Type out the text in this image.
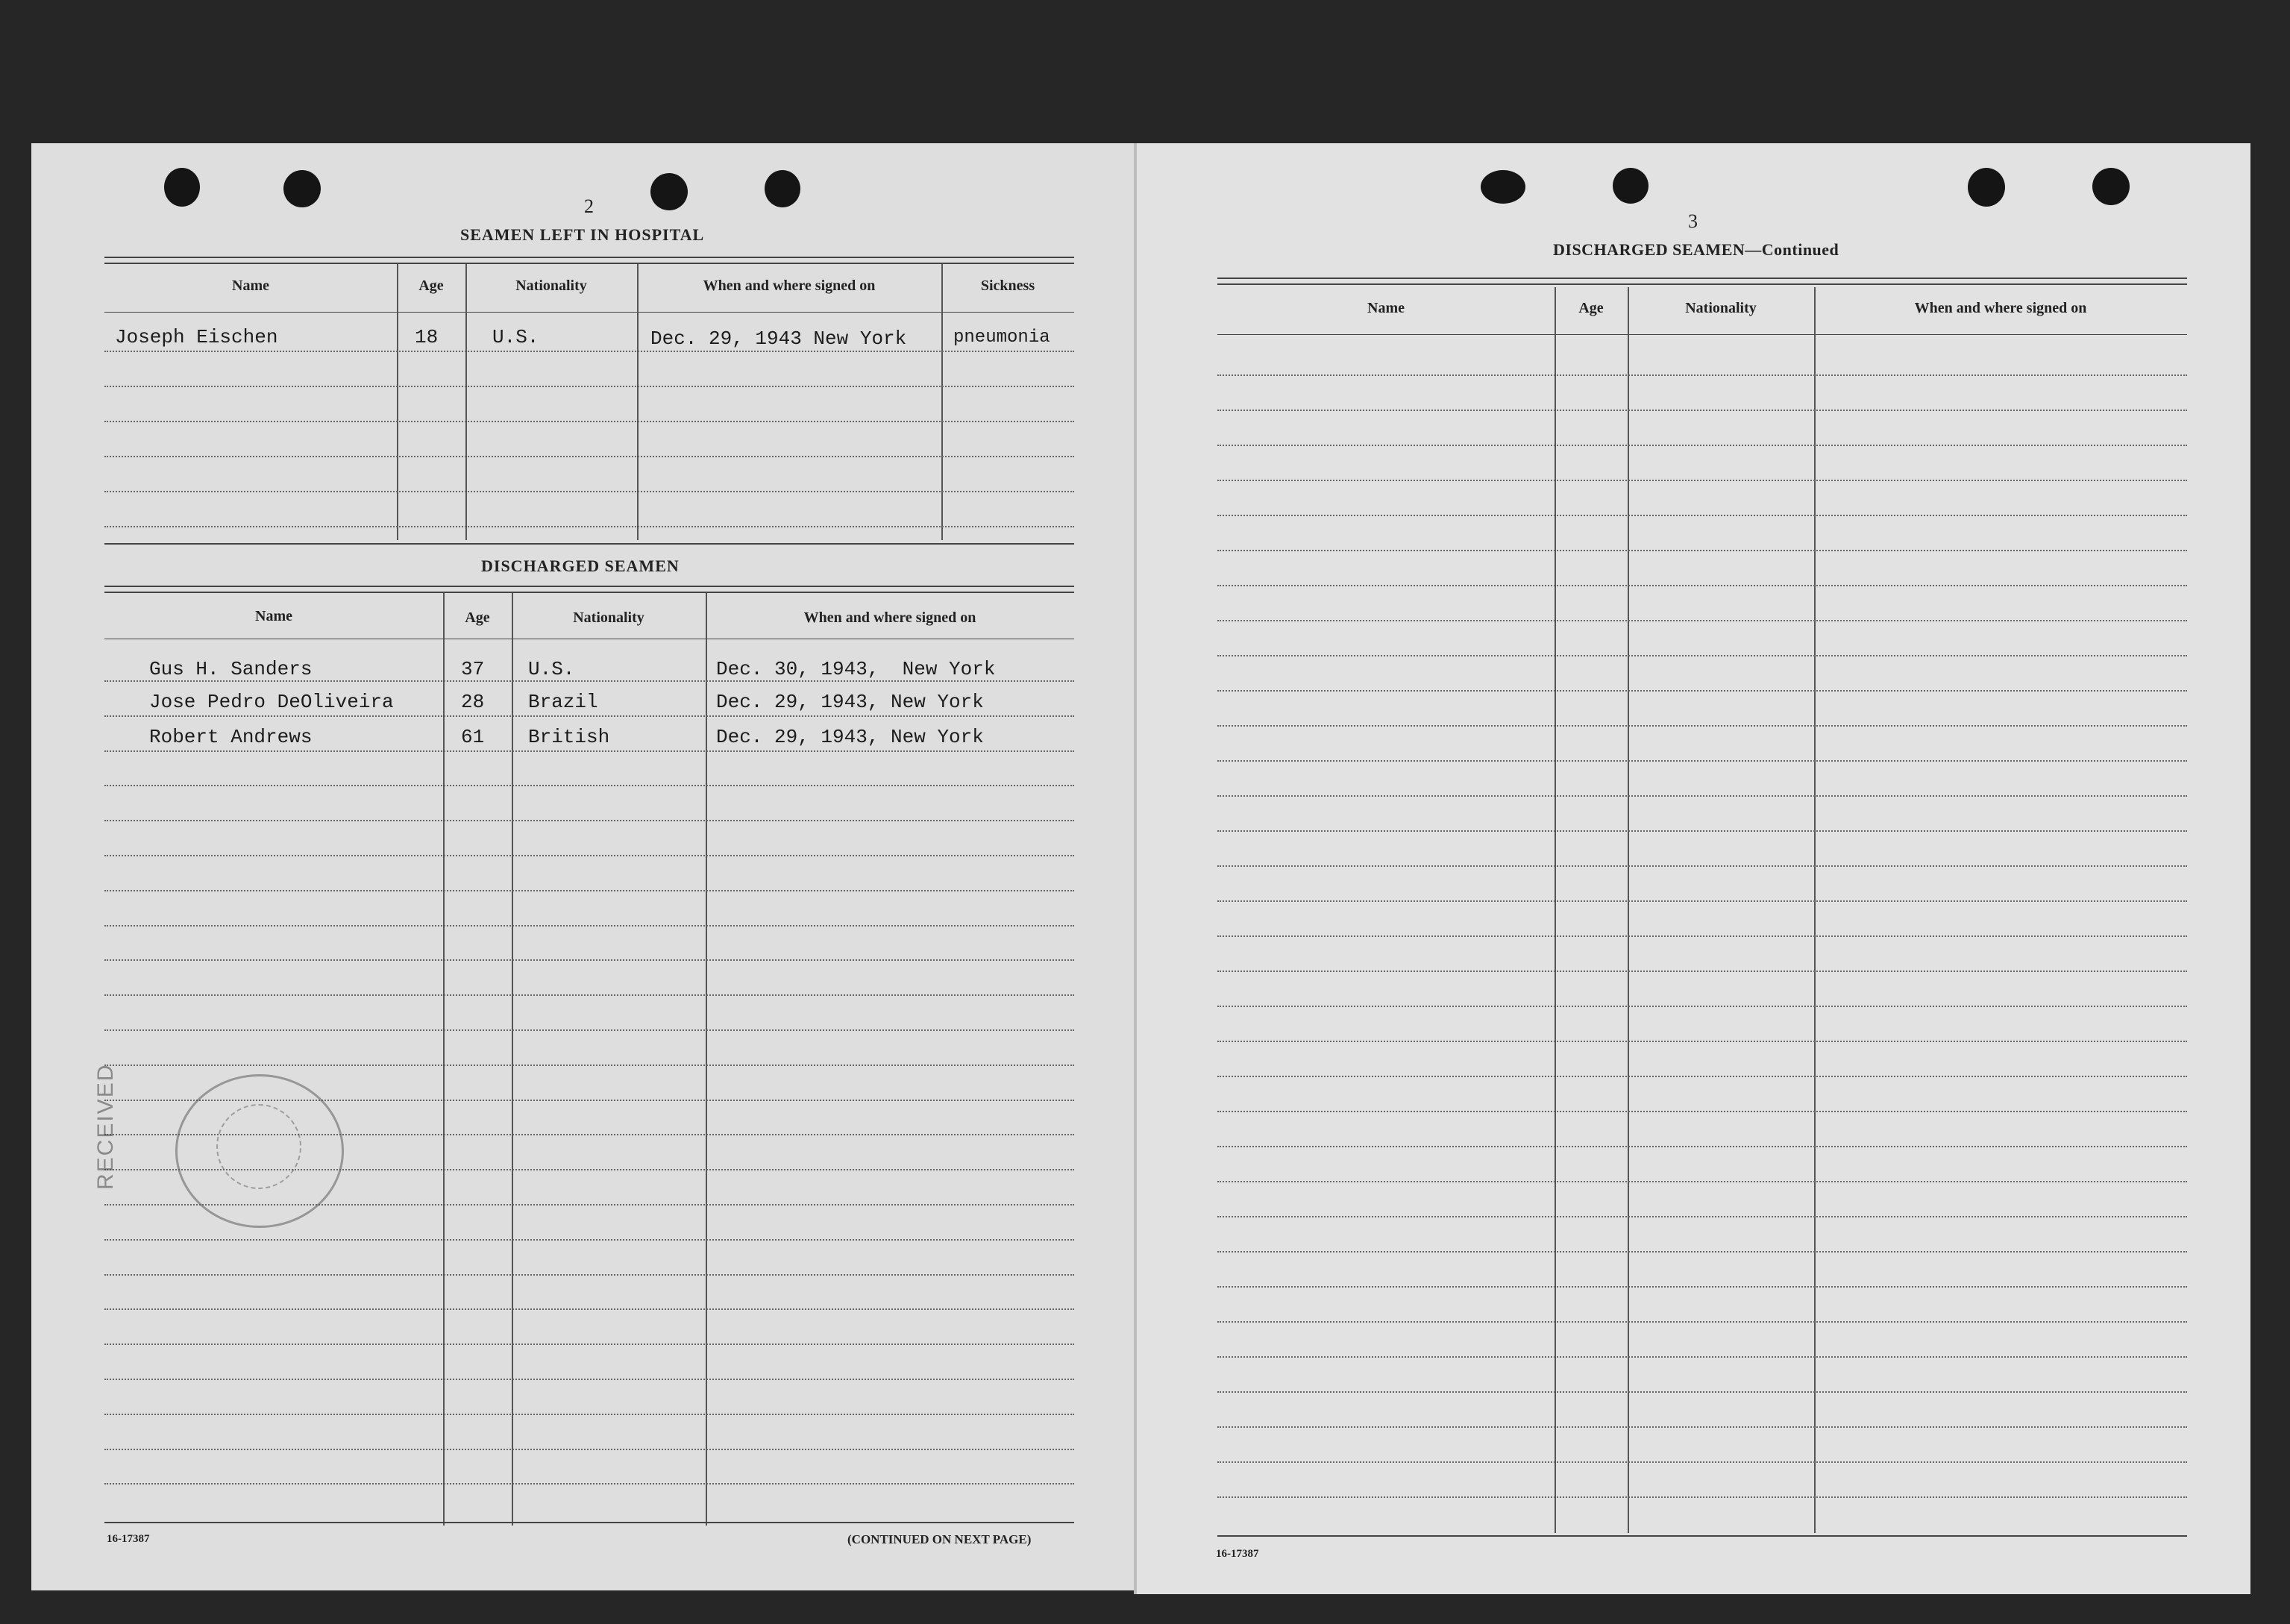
2
SEAMEN LEFT IN HOSPITAL
Name	Age	Nationality	When and where signed on	Sickness
Joseph Eischen	18	U.S.	Dec. 29, 1943 New York	pneumonia
DISCHARGED SEAMEN
Name	Age	Nationality	When and where signed on
Gus H. Sanders	37 U.S.	Dec. 30, 1943,  New York
Jose Pedro DeOliveira	28 Brazil	Dec. 29, 1943, New York
Robert Andrews	61 British	Dec. 29, 1943, New York
RECEIVED
16-17387	(CONTINUED ON NEXT PAGE)
3
DISCHARGED SEAMEN—Continued
Name	Age	Nationality	When and where signed on
16-17387
